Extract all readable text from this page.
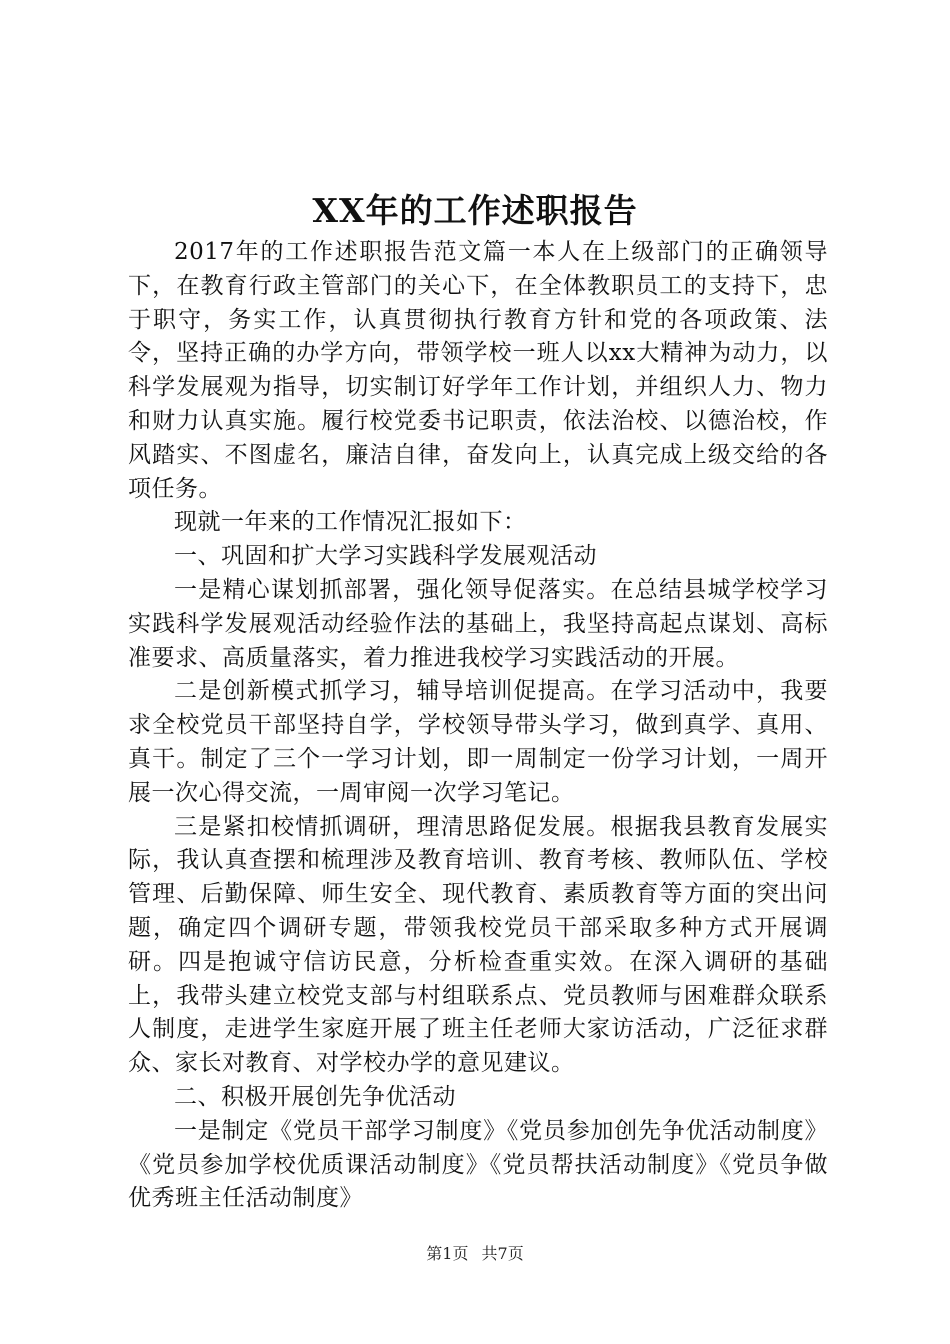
XX年的工作述职报告

2017年的工作述职报告范文篇一本人在上级部门的正确领导下，在教育行政主管部门的关心下，在全体教职员工的支持下，忠于职守，务实工作，认真贯彻执行教育方针和党的各项政策、法令，坚持正确的办学方向，带领学校一班人以xx大精神为动力，以科学发展观为指导，切实制订好学年工作计划，并组织人力、物力和财力认真实施。履行校党委书记职责，依法治校、以德治校，作风踏实、不图虚名，廉洁自律，奋发向上，认真完成上级交给的各项任务。

现就一年来的工作情况汇报如下：

一、巩固和扩大学习实践科学发展观活动

一是精心谋划抓部署，强化领导促落实。在总结县城学校学习实践科学发展观活动经验作法的基础上，我坚持高起点谋划、高标准要求、高质量落实，着力推进我校学习实践活动的开展。

二是创新模式抓学习，辅导培训促提高。在学习活动中，我要求全校党员干部坚持自学，学校领导带头学习，做到真学、真用、真干。制定了三个一学习计划，即一周制定一份学习计划，一周开展一次心得交流，一周审阅一次学习笔记。

三是紧扣校情抓调研，理清思路促发展。根据我县教育发展实际，我认真查摆和梳理涉及教育培训、教育考核、教师队伍、学校管理、后勤保障、师生安全、现代教育、素质教育等方面的突出问题，确定四个调研专题，带领我校党员干部采取多种方式开展调研。四是抱诚守信访民意，分析检查重实效。在深入调研的基础上，我带头建立校党支部与村组联系点、党员教师与困难群众联系人制度，走进学生家庭开展了班主任老师大家访活动，广泛征求群众、家长对教育、对学校办学的意见建议。

二、积极开展创先争优活动

一是制定《党员干部学习制度》《党员参加创先争优活动制度》《党员参加学校优质课活动制度》《党员帮扶活动制度》《党员争做优秀班主任活动制度》

第1页 共7页
